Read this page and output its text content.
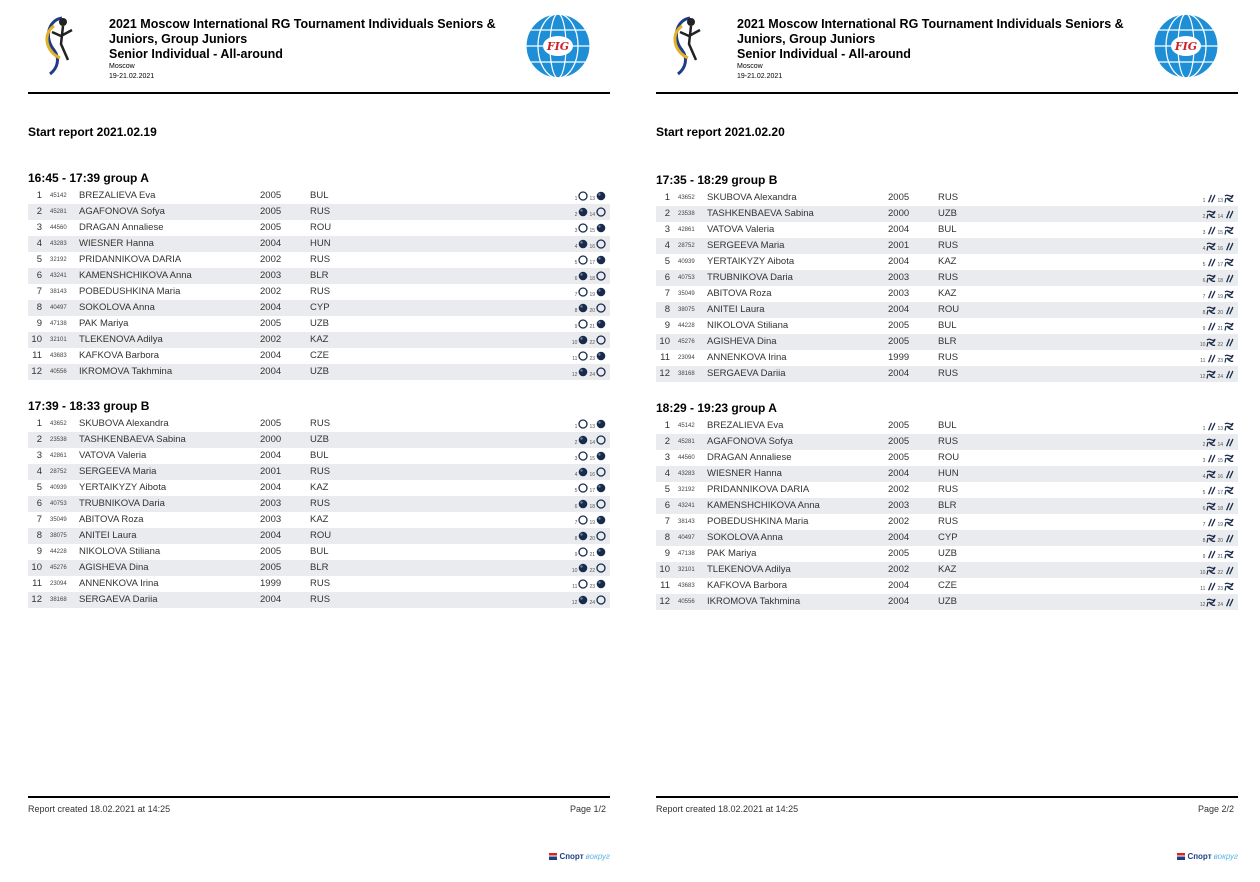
2021 Moscow International RG Tournament Individuals Seniors &
Juniors, Group Juniors
Senior Individual - All-around
Moscow
19-21.02.2021
FIG
Start report 2021.02.19
16:45 - 17:39 group A
1 45142 BREZALIEVA Eva	2005	BUL	1 13
2 45281 AGAFONOVA Sofya	2005	RUS	2 14
3 44560 DRAGAN Annaliese	2005	ROU	3 15
4 43283 WIESNER Hanna	2004	HUN	4 16
5 32192 PRIDANNIKOVA DARIA	2002	RUS	5 17
6 43241 KAMENSHCHIKOVA Anna	2003	BLR	6 18
7 38143 POBEDUSHKINA Maria	2002	RUS	7 19
8 40497 SOKOLOVA Anna	2004	CYP	8 20
9 47138 PAK Mariya	2005	UZB	9 21
10 32101 TLEKENOVA Adilya	2002	KAZ	10 22
11 43683 KAFKOVA Barbora	2004	CZE	11 23
12 40556 IKROMOVA Takhmina	2004	UZB	12 24
17:39 - 18:33 group B
1 43652 SKUBOVA Alexandra	2005	RUS	1 13
2 23538 TASHKENBAEVA Sabina	2000	UZB	2 14
3 42861 VATOVA Valeria	2004	BUL	3 15
4 28752 SERGEEVA Maria	2001	RUS	4 16
5 40939 YERTAIKYZY Aibota	2004	KAZ	5 17
6 40753 TRUBNIKOVA Daria	2003	RUS	6 18
7 35049 ABITOVA Roza	2003	KAZ	7 19
8 38075 ANITEI Laura	2004	ROU	8 20
9 44228 NIKOLOVA Stiliana	2005	BUL	9 21
10 45276 AGISHEVA Dina	2005	BLR	10 22
11 23094 ANNENKOVA Irina	1999	RUS	11 23
12 38168 SERGAEVA Dariia	2004	RUS	12 24
Report created 18.02.2021 at 14:25	Page 1/2
Спорт вокруг
2021 Moscow International RG Tournament Individuals Seniors &
Juniors, Group Juniors
Senior Individual - All-around
Moscow
19-21.02.2021
FIG
Start report 2021.02.20
17:35 - 18:29 group B
1 43652 SKUBOVA Alexandra	2005	RUS	1 13
2 23538 TASHKENBAEVA Sabina	2000	UZB	2 14
3 42861 VATOVA Valeria	2004	BUL	3 15
4 28752 SERGEEVA Maria	2001	RUS	4 16
5 40939 YERTAIKYZY Aibota	2004	KAZ	5 17
6 40753 TRUBNIKOVA Daria	2003	RUS	6 18
7 35049 ABITOVA Roza	2003	KAZ	7 19
8 38075 ANITEI Laura	2004	ROU	8 20
9 44228 NIKOLOVA Stiliana	2005	BUL	9 21
10 45276 AGISHEVA Dina	2005	BLR	10 22
11 23094 ANNENKOVA Irina	1999	RUS	11 23
12 38168 SERGAEVA Dariia	2004	RUS	12 24
18:29 - 19:23 group A
1 45142 BREZALIEVA Eva	2005	BUL	1 13
2 45281 AGAFONOVA Sofya	2005	RUS	2 14
3 44560 DRAGAN Annaliese	2005	ROU	3 15
4 43283 WIESNER Hanna	2004	HUN	4 16
5 32192 PRIDANNIKOVA DARIA	2002	RUS	5 17
6 43241 KAMENSHCHIKOVA Anna	2003	BLR	6 18
7 38143 POBEDUSHKINA Maria	2002	RUS	7 19
8 40497 SOKOLOVA Anna	2004	CYP	8 20
9 47138 PAK Mariya	2005	UZB	9 21
10 32101 TLEKENOVA Adilya	2002	KAZ	10 22
11 43683 KAFKOVA Barbora	2004	CZE	11 23
12 40556 IKROMOVA Takhmina	2004	UZB	12 24
Report created 18.02.2021 at 14:25	Page 2/2
Спорт вокруг
